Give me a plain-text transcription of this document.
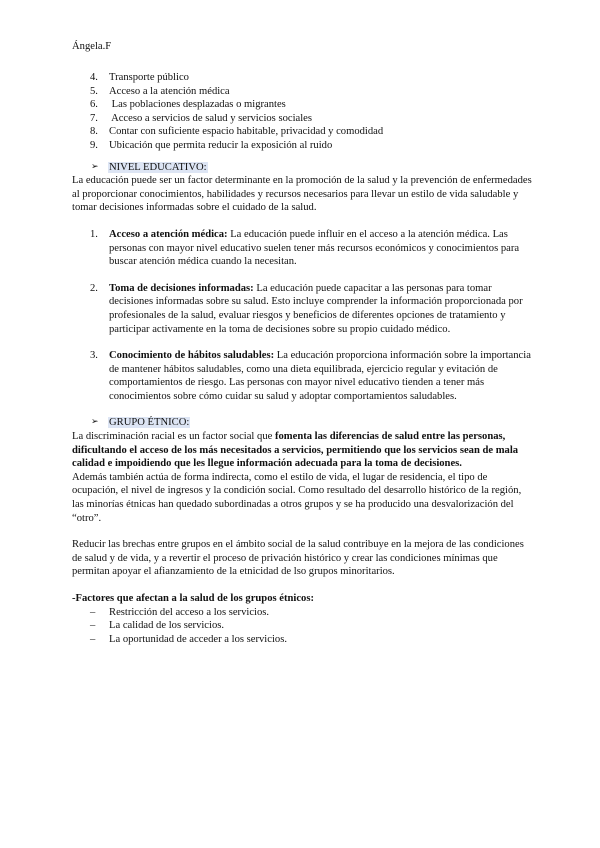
Ángela.F
4. Transporte público
5. Acceso a la atención médica
6. Las poblaciones desplazadas o migrantes
7. Acceso a servicios de salud y servicios sociales
8. Contar con suficiente espacio habitable, privacidad y comodidad
9. Ubicación que permita reducir la exposición al ruido
➢ NIVEL EDUCATIVO:

La educación puede ser un factor determinante en la promoción de la salud y la prevención de enfermedades al proporcionar conocimientos, habilidades y recursos necesarios para llevar un estilo de vida saludable y tomar decisiones informadas sobre el cuidado de la salud.

1. Acceso a atención médica: La educación puede influir en el acceso a la atención médica. Las personas con mayor nivel educativo suelen tener más recursos económicos y conocimientos para buscar atención médica cuando la necesitan.
2. Toma de decisiones informadas: La educación puede capacitar a las personas para tomar decisiones informadas sobre su salud. Esto incluye comprender la información proporcionada por profesionales de la salud, evaluar riesgos y beneficios de diferentes opciones de tratamiento y participar activamente en la toma de decisiones sobre su propio cuidado médico.
3. Conocimiento de hábitos saludables: La educación proporciona información sobre la importancia de mantener hábitos saludables, como una dieta equilibrada, ejercicio regular y evitación de comportamientos de riesgo. Las personas con mayor nivel educativo tienden a tener más conocimientos sobre cómo cuidar su salud y adoptar comportamientos saludables.
➢ GRUPO ÉTNICO:

La discriminación racial es un factor social que fomenta las diferencias de salud entre las personas, dificultando el acceso de los más necesitados a servicios, permitiendo que los servicios sean de mala calidad e impoidiendo que les llegue información adecuada para la toma de decisiones.

Además también actúa de forma indirecta, como el estilo de vida, el lugar de residencia, el tipo de ocupación, el nivel de ingresos y la condición social. Como resultado del desarrollo histórico de la región, las minorías étnicas han quedado subordinadas a otros grupos y se ha producido una desvalorización del “otro”.

Reducir las brechas entre grupos en el ámbito social de la salud contribuye en la mejora de las condiciones de salud y de vida, y a revertir el proceso de privación histórico y crear las condiciones mínimas que permitan apoyar el afianzamiento de la etnicidad de lso grupos minoritarios.

-Factores que afectan a la salud de los grupos étnicos:

– Restricción del acceso a los servicios.
– La calidad de los servicios.
– La oportunidad de acceder a los servicios.
